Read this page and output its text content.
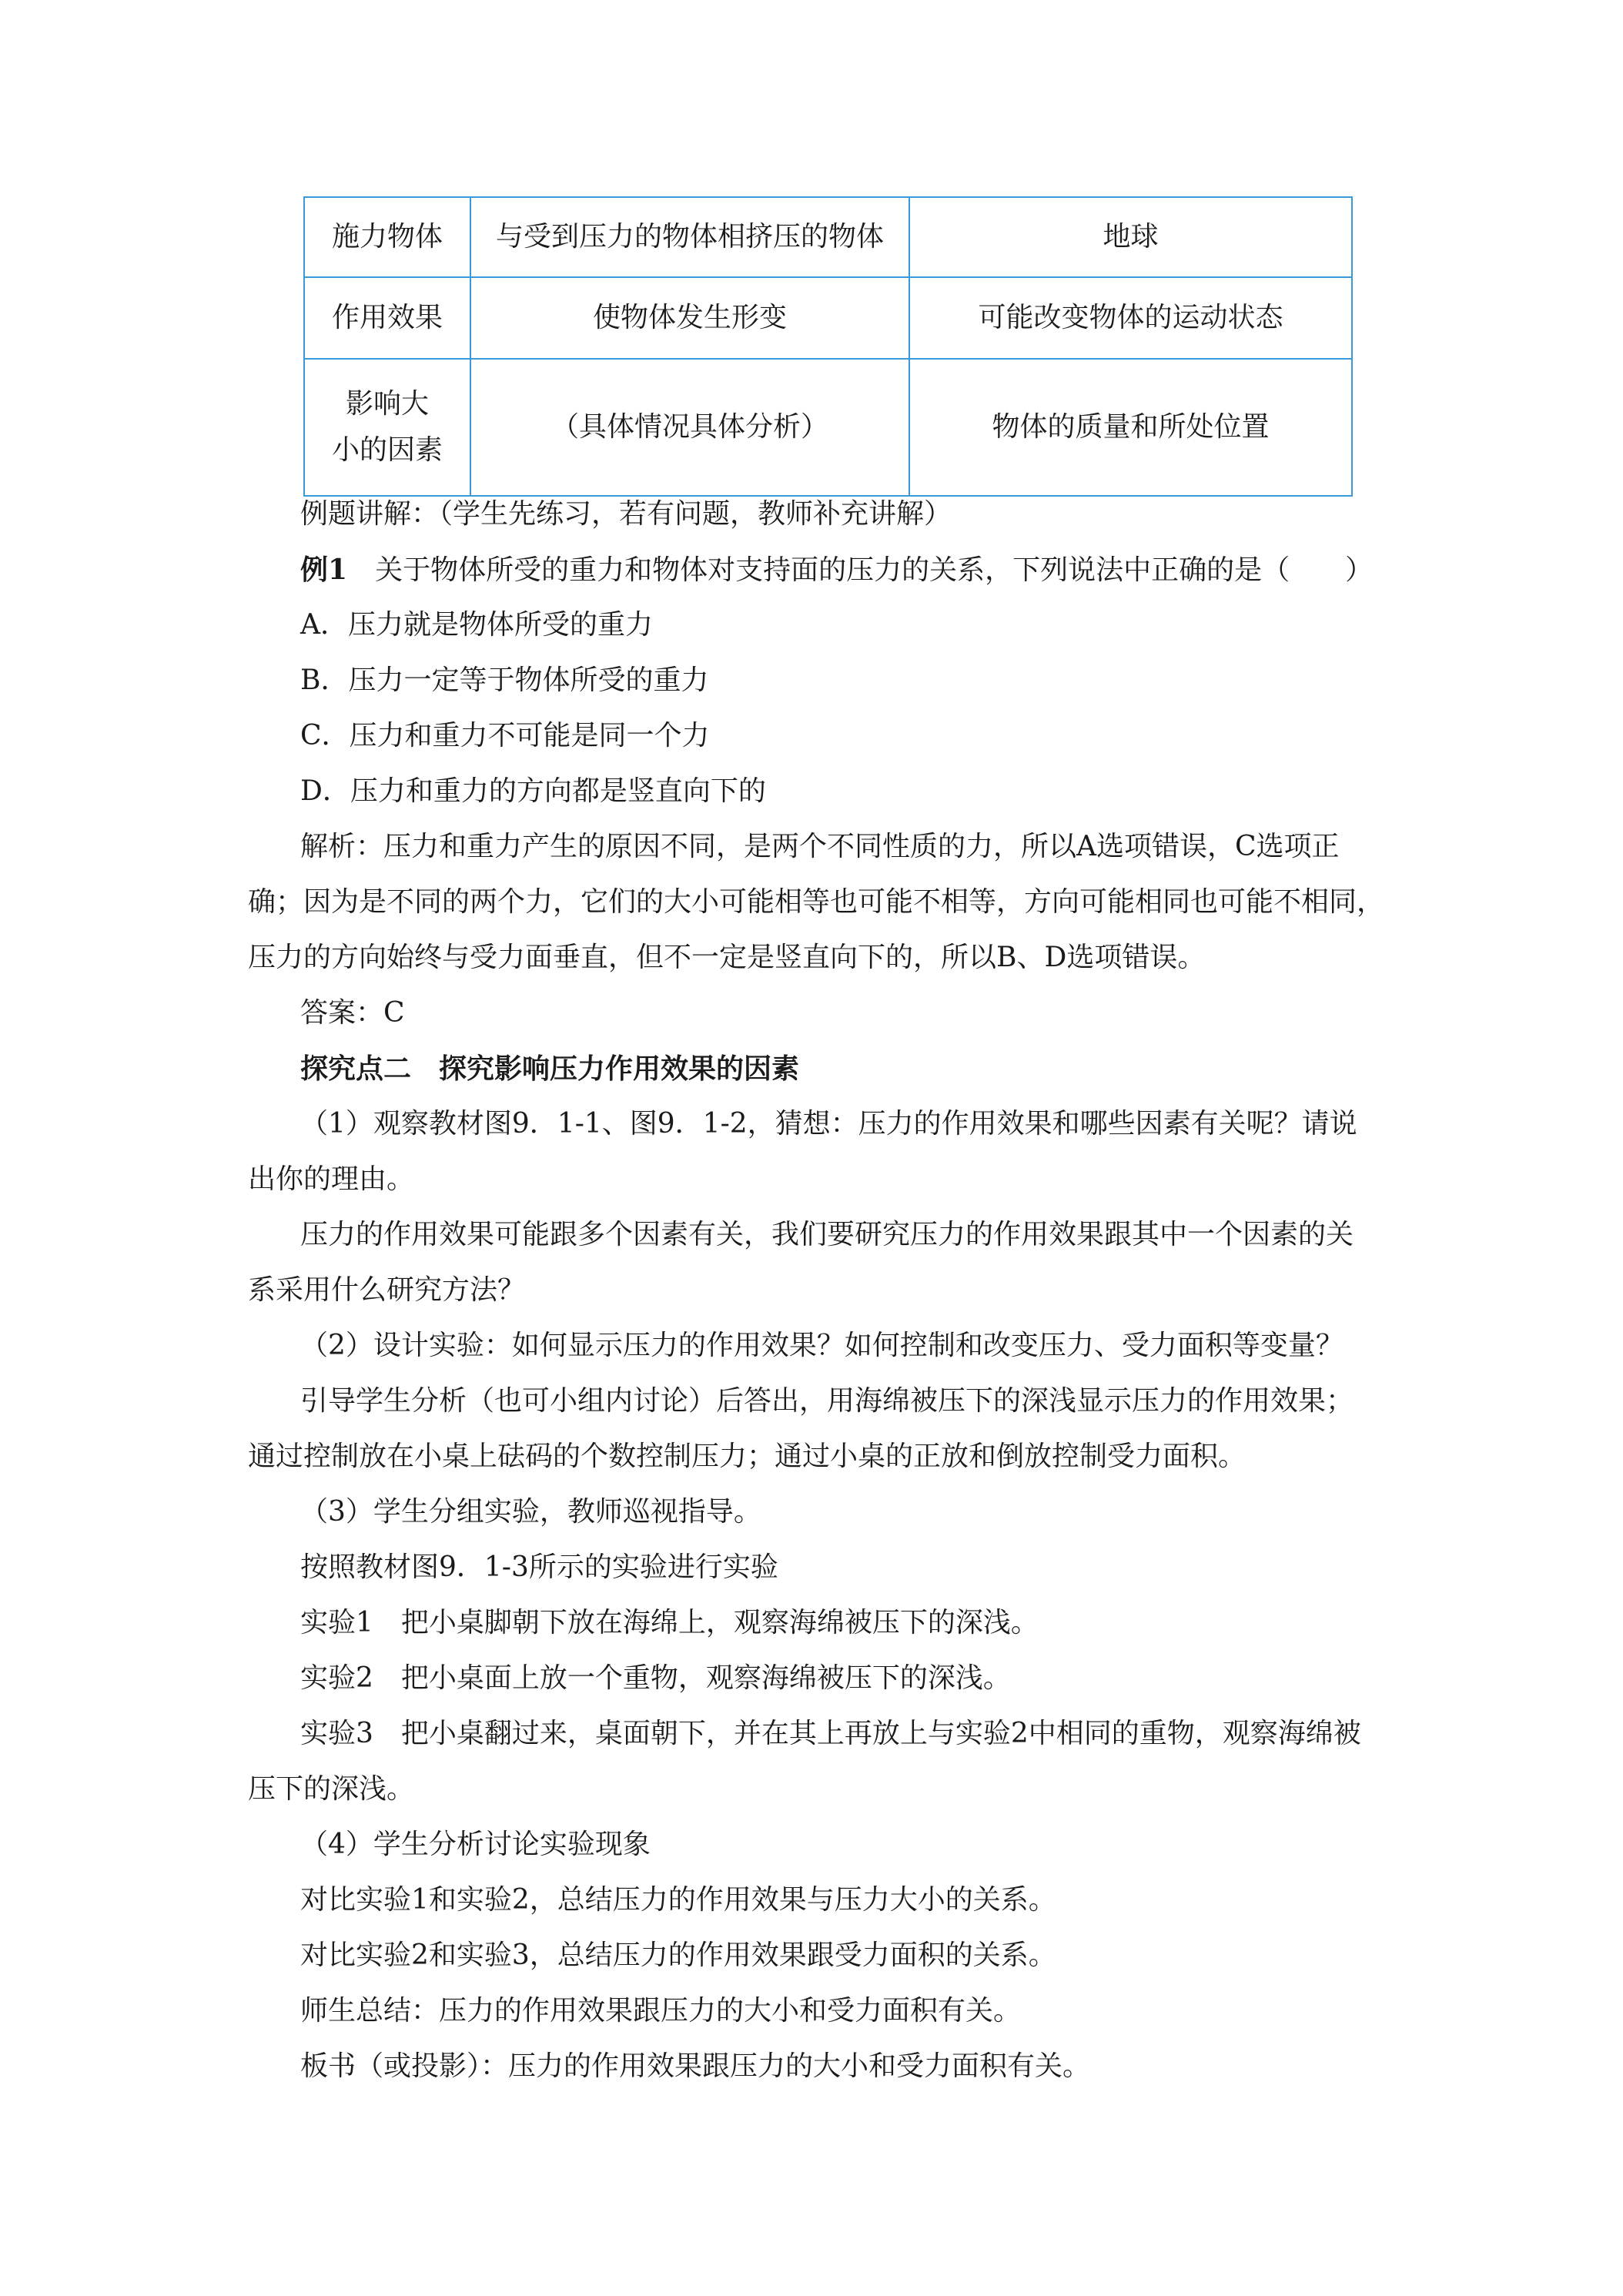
施力物体	与受到压力的物体相挤压的物体	地球
作用效果	使物体发生形变	可能改变物体的运动状态
影响大
小的因素	（具体情况具体分析）	物体的质量和所处位置
例题讲解：（学生先练习，若有问题，教师补充讲解）
例1　关于物体所受的重力和物体对支持面的压力的关系，下列说法中正确的是（　　）
A．压力就是物体所受的重力
B．压力一定等于物体所受的重力
C．压力和重力不可能是同一个力
D．压力和重力的方向都是竖直向下的
解析：压力和重力产生的原因不同，是两个不同性质的力，所以A选项错误，C选项正
确；因为是不同的两个力，它们的大小可能相等也可能不相等，方向可能相同也可能不相同，
压力的方向始终与受力面垂直，但不一定是竖直向下的，所以B、D选项错误。
答案：C
探究点二　探究影响压力作用效果的因素
（1）观察教材图9．1-1、图9．1-2，猜想：压力的作用效果和哪些因素有关呢？请说
出你的理由。
压力的作用效果可能跟多个因素有关，我们要研究压力的作用效果跟其中一个因素的关
系采用什么研究方法？
（2）设计实验：如何显示压力的作用效果？如何控制和改变压力、受力面积等变量？
引导学生分析（也可小组内讨论）后答出，用海绵被压下的深浅显示压力的作用效果；
通过控制放在小桌上砝码的个数控制压力；通过小桌的正放和倒放控制受力面积。
（3）学生分组实验，教师巡视指导。
按照教材图9．1-3所示的实验进行实验
实验1　把小桌脚朝下放在海绵上，观察海绵被压下的深浅。
实验2　把小桌面上放一个重物，观察海绵被压下的深浅。
实验3　把小桌翻过来，桌面朝下，并在其上再放上与实验2中相同的重物，观察海绵被
压下的深浅。
（4）学生分析讨论实验现象
对比实验1和实验2，总结压力的作用效果与压力大小的关系。
对比实验2和实验3，总结压力的作用效果跟受力面积的关系。
师生总结：压力的作用效果跟压力的大小和受力面积有关。
板书（或投影）：压力的作用效果跟压力的大小和受力面积有关。
